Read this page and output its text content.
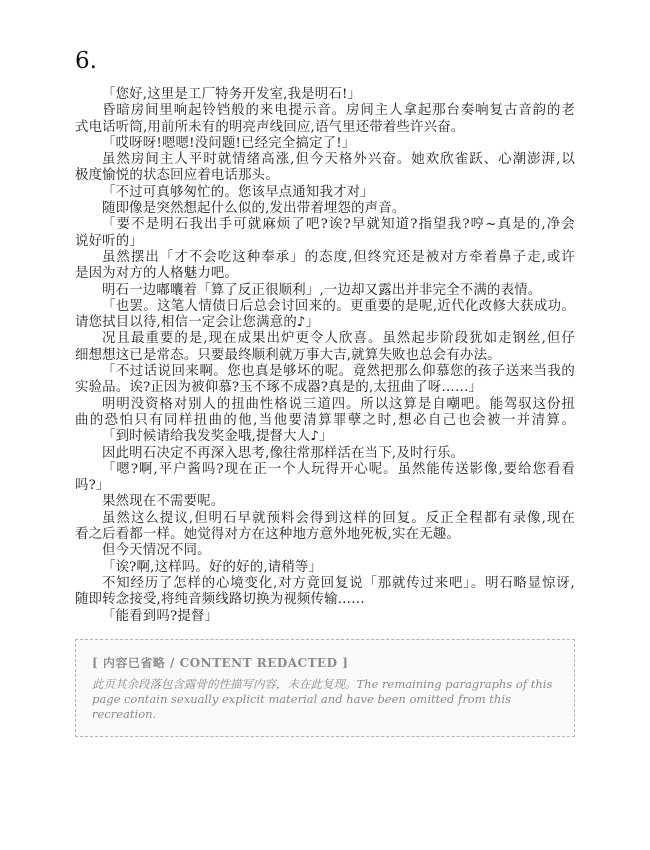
6.
「您好,这里是工厂特务开发室,我是明石!」
昏暗房间里响起铃铛般的来电提示音。房间主人拿起那台奏响复古音韵的老
式电话听筒,用前所未有的明亮声线回应,语气里还带着些许兴奋。
「哎呀呀!嗯嗯!没问题!已经完全搞定了!」
虽然房间主人平时就情绪高涨,但今天格外兴奋。她欢欣雀跃、心潮澎湃,以
极度愉悦的状态回应着电话那头。
「不过可真够匆忙的。您该早点通知我才对」
随即像是突然想起什么似的,发出带着埋怨的声音。
「要不是明石我出手可就麻烦了吧?诶?早就知道?指望我?哼~真是的,净会
说好听的」
虽然摆出「才不会吃这种奉承」的态度,但终究还是被对方牵着鼻子走,或许
是因为对方的人格魅力吧。
明石一边嘟囔着「算了反正很顺利」,一边却又露出并非完全不满的表情。
「也罢。这笔人情债日后总会讨回来的。更重要的是呢,近代化改修大获成功。
请您拭目以待,相信一定会让您满意的♪」
况且最重要的是,现在成果出炉更令人欣喜。虽然起步阶段犹如走钢丝,但仔
细想想这已是常态。只要最终顺利就万事大吉,就算失败也总会有办法。
「不过话说回来啊。您也真是够坏的呢。竟然把那么仰慕您的孩子送来当我的
实验品。诶?正因为被仰慕?玉不琢不成器?真是的,太扭曲了呀……」
明明没资格对别人的扭曲性格说三道四。所以这算是自嘲吧。能驾驭这份扭
曲的恐怕只有同样扭曲的他,当他要清算罪孽之时,想必自己也会被一并清算。
「到时候请给我发奖金哦,提督大人♪」
因此明石决定不再深入思考,像往常那样活在当下,及时行乐。
「嗯?啊,平户酱吗?现在正一个人玩得开心呢。虽然能传送影像,要给您看看
吗?」
果然现在不需要呢。
虽然这么提议,但明石早就预料会得到这样的回复。反正全程都有录像,现在
看之后看都一样。她觉得对方在这种地方意外地死板,实在无趣。
但今天情况不同。
「诶?啊,这样吗。好的好的,请稍等」
不知经历了怎样的心境变化,对方竟回复说「那就传过来吧」。明石略显惊讶,
随即转念接受,将纯音频线路切换为视频传输……
「能看到吗?提督」
[ 内容已省略 / CONTENT REDACTED ]
此页其余段落包含露骨的性描写内容，未在此复现。The remaining paragraphs of this page contain sexually explicit material and have been omitted from this recreation.
